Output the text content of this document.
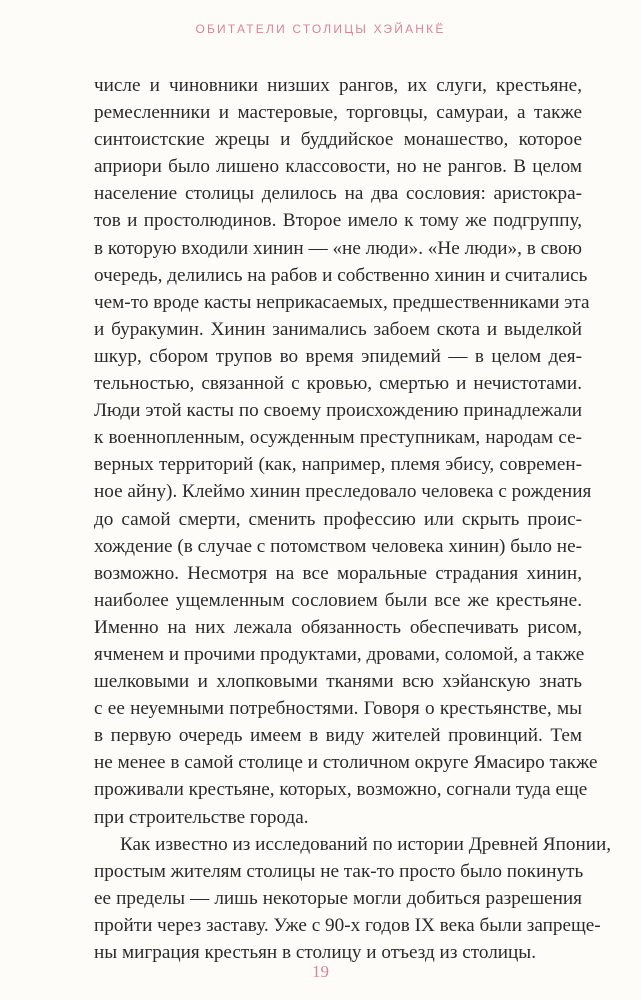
ОБИТАТЕЛИ СТОЛИЦЫ ХЭЙАНКЁ
числе и чиновники низших рангов, их слуги, крестьяне,
ремесленники и мастеровые, торговцы, самураи, а также
синтоистские жрецы и буддийское монашество, которое
априори было лишено классовости, но не рангов. В целом
население столицы делилось на два сословия: аристокра-
тов и простолюдинов. Второе имело к тому же подгруппу,
в которую входили хинин — «не люди». «Не люди», в свою
очередь, делились на рабов и собственно хинин и считались
чем-то вроде касты неприкасаемых, предшественниками эта
и буракумин. Хинин занимались забоем скота и выделкой
шкур, сбором трупов во время эпидемий — в целом дея-
тельностью, связанной с кровью, смертью и нечистотами.
Люди этой касты по своему происхождению принадлежали
к военнопленным, осужденным преступникам, народам се-
верных территорий (как, например, племя эбису, современ-
ное айну). Клеймо хинин преследовало человека с рождения
до самой смерти, сменить профессию или скрыть проис-
хождение (в случае с потомством человека хинин) было не-
возможно. Несмотря на все моральные страдания хинин,
наиболее ущемленным сословием были все же крестьяне.
Именно на них лежала обязанность обеспечивать рисом,
ячменем и прочими продуктами, дровами, соломой, а также
шелковыми и хлопковыми тканями всю хэйанскую знать
с ее неуемными потребностями. Говоря о крестьянстве, мы
в первую очередь имеем в виду жителей провинций. Тем
не менее в самой столице и столичном округе Ямасиро также
проживали крестьяне, которых, возможно, согнали туда еще
при строительстве города.
Как известно из исследований по истории Древней Японии,
простым жителям столицы не так-то просто было покинуть
ее пределы — лишь некоторые могли добиться разрешения
пройти через заставу. Уже с 90-х годов IX века были запреще-
ны миграция крестьян в столицу и отъезд из столицы.
19
